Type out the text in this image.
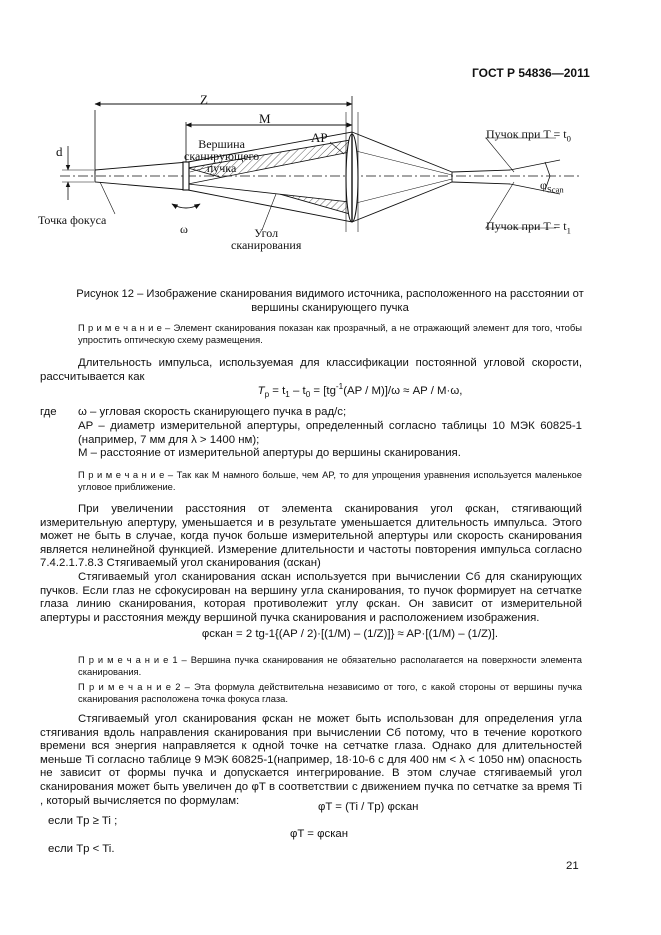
ГОСТ Р 54836—2011
Z
M
d
AP
Вершина
сканирующего
пучка
Точка фокуса
ω	Угол
сканирования
Пучок при $T = t_0$
Пучок при $T = t_1$
$\varphi_{Scan}$
Рисунок 12 – Изображение сканирования видимого источника, расположенного на расстоянии от
вершины сканирующего пучка
П р и м е ч а н и е – Элемент сканирования показан как прозрачный, а не отражающий элемент для того, чтобы упростить оптическую схему размещения.
Длительность импульса, используемая для классификации постоянной угловой скорости, рассчитывается как
$T_p = t_1 - t_0 = [tg^{-1}(AP / M)]/\omega$ ≈ AP / M·ω,
где ω – угловая скорость сканирующего пучка в рад/с;
AP – диаметр измерительной апертуры, определенный согласно таблицы 10 МЭК 60825-1 (например, 7 мм для λ > 1400 нм);
M – расстояние от измерительной апертуры до вершины сканирования.
П р и м е ч а н и е – Так как M намного больше, чем AP, то для упрощения уравнения используется маленькое угловое приближение.
При увеличении расстояния от элемента сканирования угол φскан, стягивающий измерительную апертуру, уменьшается и в результате уменьшается длительность импульса. Этого может не быть в случае, когда пучок больше измерительной апертуры или скорость сканирования является нелинейной функцией. Измерение длительности и частоты повторения импульса согласно 7.4.2.1. 7.8.3 Стягиваемый угол сканирования (αскан)
Стягиваемый угол сканирования αскан используется при вычислении Cб для сканирующих пучков. Если глаз не сфокусирован на вершину угла сканирования, то пучок формирует на сетчатке глаза линию сканирования, которая противолежит углу φскан. Он зависит от измерительной апертуры и расстояния между вершиной пучка сканирования и расположением изображения.
φскан = 2 tg-1{(AP / 2)·[(1/M) – (1/Z)]} ≈ AP·[(1/M) – (1/Z)].
П р и м е ч а н и е 1 – Вершина пучка сканирования не обязательно располагается на поверхности элемента сканирования.
П р и м е ч а н и е 2 – Эта формула действительна независимо от того, с какой стороны от вершины пучка сканирования расположена точка фокуса глаза.
Стягиваемый угол сканирования φскан не может быть использован для определения угла стягивания вдоль направления сканирования при вычислении Cб потому, что в течение короткого времени вся энергия направляется к одной точке на сетчатке глаза. Однако для длительностей меньше Ti согласно таблице 9 МЭК 60825-1(например, 18·10-6 с для 400 нм < λ < 1050 нм) опасность не зависит от формы пучка и допускается интегрирование. В этом случае стягиваемый угол сканирования может быть увеличен до φT в соответствии с движением пучка по сетчатке за время Ti , который вычисляется по формулам:
φT = (Ti / Tp) φскан
если Tp ≥ Ti ;
φT = φскан
если Tp < Ti.
21
